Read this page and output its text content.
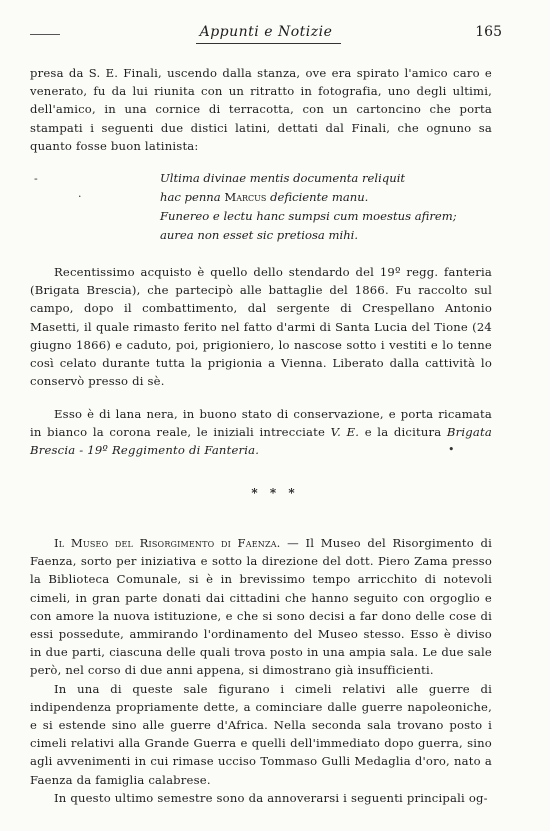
Appunti e Notizie	165

presa da S. E. Finali, uscendo dalla stanza, ove era spirato l'amico caro e venerato, fu da lui riunita con un ritratto in fotografia, uno degli ultimi, dell'amico, in una cornice di terracotta, con un cartoncino che porta stampati i seguenti due distici latini, dettati dal Finali, che ognuno sa quanto fosse buon latinista:

-
·
•
Ultima divinae mentis documenta reliquit
hac penna Marcus deficiente manu.
Funereo e lectu hanc sumpsi cum moestus afirem;
aurea non esset sic pretiosa mihi.

Recentissimo acquisto è quello dello stendardo del 19º regg. fanteria (Brigata Brescia), che partecipò alle battaglie del 1866. Fu raccolto sul campo, dopo il combattimento, dal sergente di Crespellano Antonio Masetti, il quale rimasto ferito nel fatto d'armi di Santa Lucia del Tione (24 giugno 1866) e caduto, poi, prigioniero, lo nascose sotto i vestiti e lo tenne così celato durante tutta la prigionia a Vienna. Liberato dalla cattività lo conservò presso di sè.

Esso è di lana nera, in buono stato di conservazione, e porta ricamata in bianco la corona reale, le iniziali intrecciate V. E. e la dicitura Brigata Brescia - 19º Reggimento di Fanteria.

* * *

Il Museo del Risorgimento di Faenza. — Il Museo del Risorgimento di Faenza, sorto per iniziativa e sotto la direzione del dott. Piero Zama presso la Biblioteca Comunale, si è in brevissimo tempo arricchito di notevoli cimeli, in gran parte donati dai cittadini che hanno seguito con orgoglio e con amore la nuova istituzione, e che si sono decisi a far dono delle cose di essi possedute, ammirando l'ordinamento del Museo stesso. Esso è diviso in due parti, ciascuna delle quali trova posto in una ampia sala. Le due sale però, nel corso di due anni appena, si dimostrano già insufficienti.

In una di queste sale figurano i cimeli relativi alle guerre di indipendenza propriamente dette, a cominciare dalle guerre napoleoniche, e si estende sino alle guerre d'Africa. Nella seconda sala trovano posto i cimeli relativi alla Grande Guerra e quelli dell'immediato dopo guerra, sino agli avvenimenti in cui rimase ucciso Tommaso Gulli Medaglia d'oro, nato a Faenza da famiglia calabrese.

In questo ultimo semestre sono da annoverarsi i seguenti principali og-
